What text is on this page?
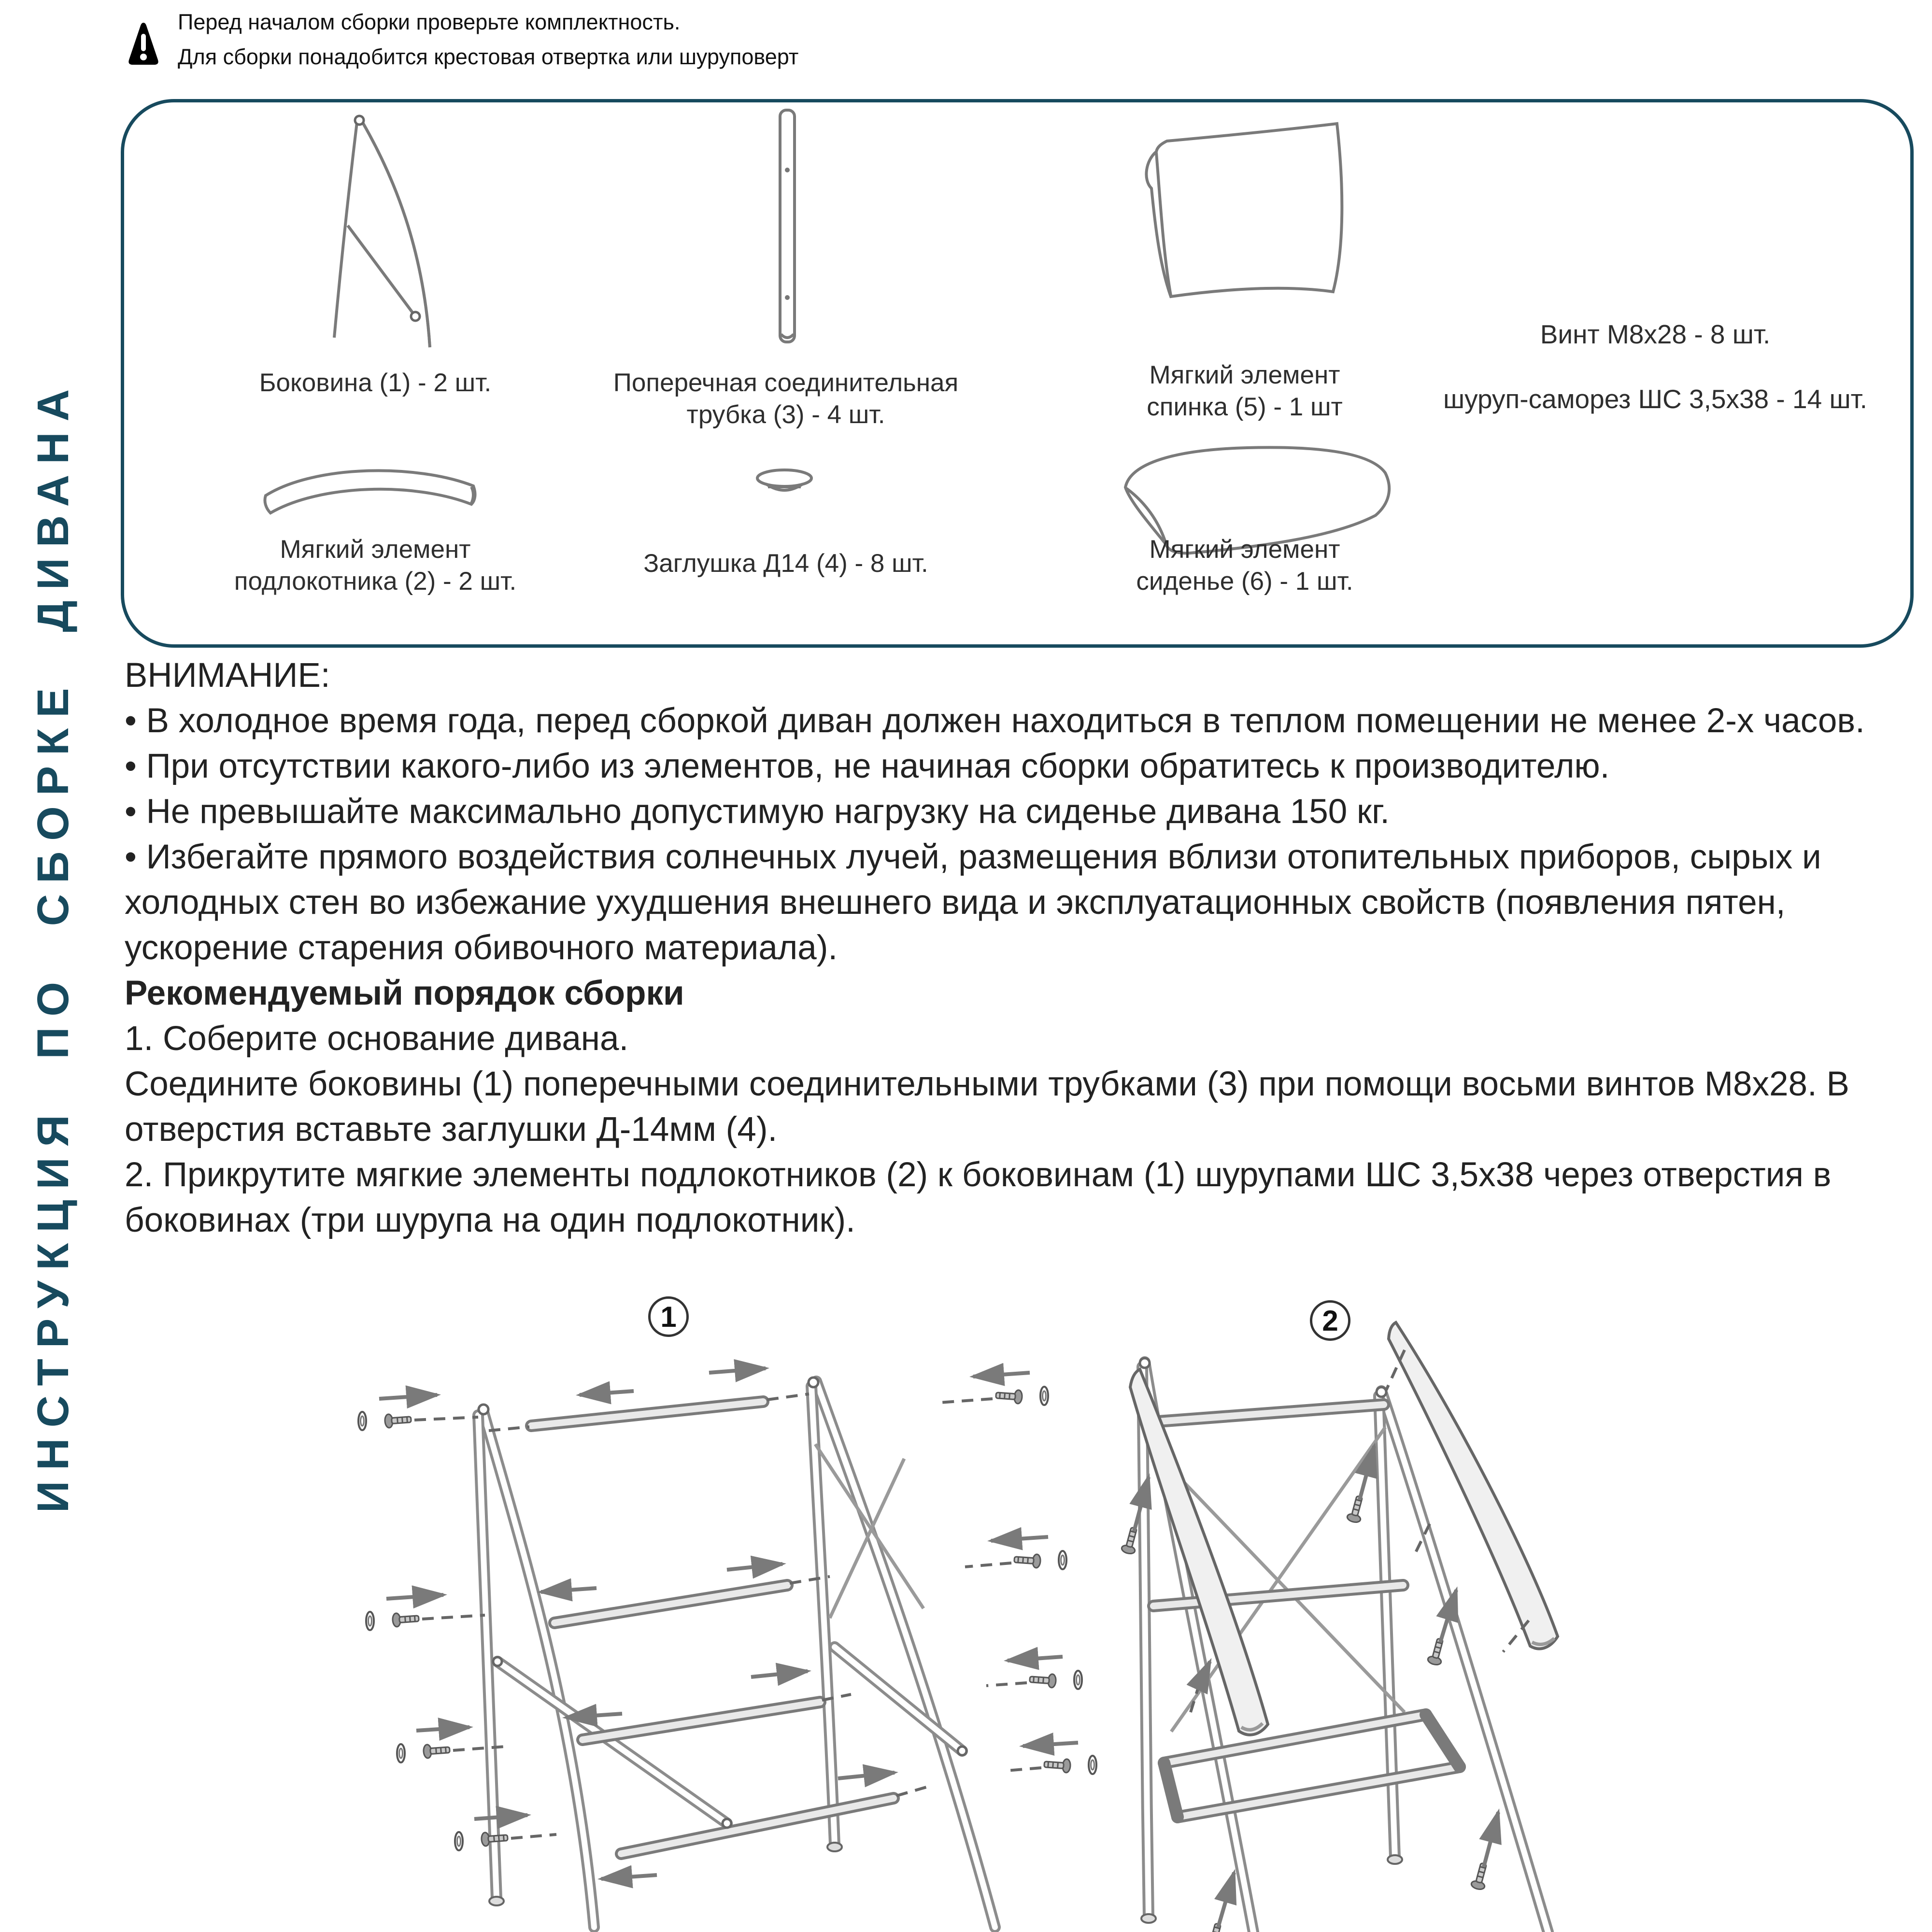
ИНСТРУКЦИЯ ПО СБОРКЕ ДИВАНА
Перед началом сборки проверьте комплектность.
Для сборки понадобится крестовая отвертка или шуруповерт
Винт М8х28 - 8 шт.
шуруп-саморез ШС 3,5х38 - 14 шт.
Боковина (1) - 2 шт.	Поперечная соединительная трубка (3) - 4 шт.
Мягкий элемент спинка (5) - 1 шт
Мягкий элемент подлокотника (2) - 2 шт.
Заглушка Д14 (4) - 8 шт.	Мягкий элемент сиденье (6) - 1 шт.

ВНИМАНИЕ:

• В холодное время года, перед сборкой диван должен находиться в теплом помещении не менее 2-х часов.

• При отсутствии какого-либо из элементов, не начиная сборки обратитесь к производителю.

• Не превышайте максимально допустимую нагрузку на сиденье дивана 150 кг.

• Избегайте прямого воздействия солнечных лучей, размещения вблизи отопительных приборов, сырых и холодных стен во избежание ухудшения внешнего вида и эксплуатационных свойств (появления пятен, ускорение старения обивочного материала).

Рекомендуемый порядок сборки

1. Соберите основание дивана.

Соедините боковины (1) поперечными соединительными трубками (3) при помощи восьми винтов М8х28. В отверстия вставьте заглушки Д-14мм (4).

2. Прикрутите мягкие элементы подлокотников (2) к боковинам (1) шурупами ШС 3,5х38 через отверстия в боковинах (три шурупа на один подлокотник).

1	2
